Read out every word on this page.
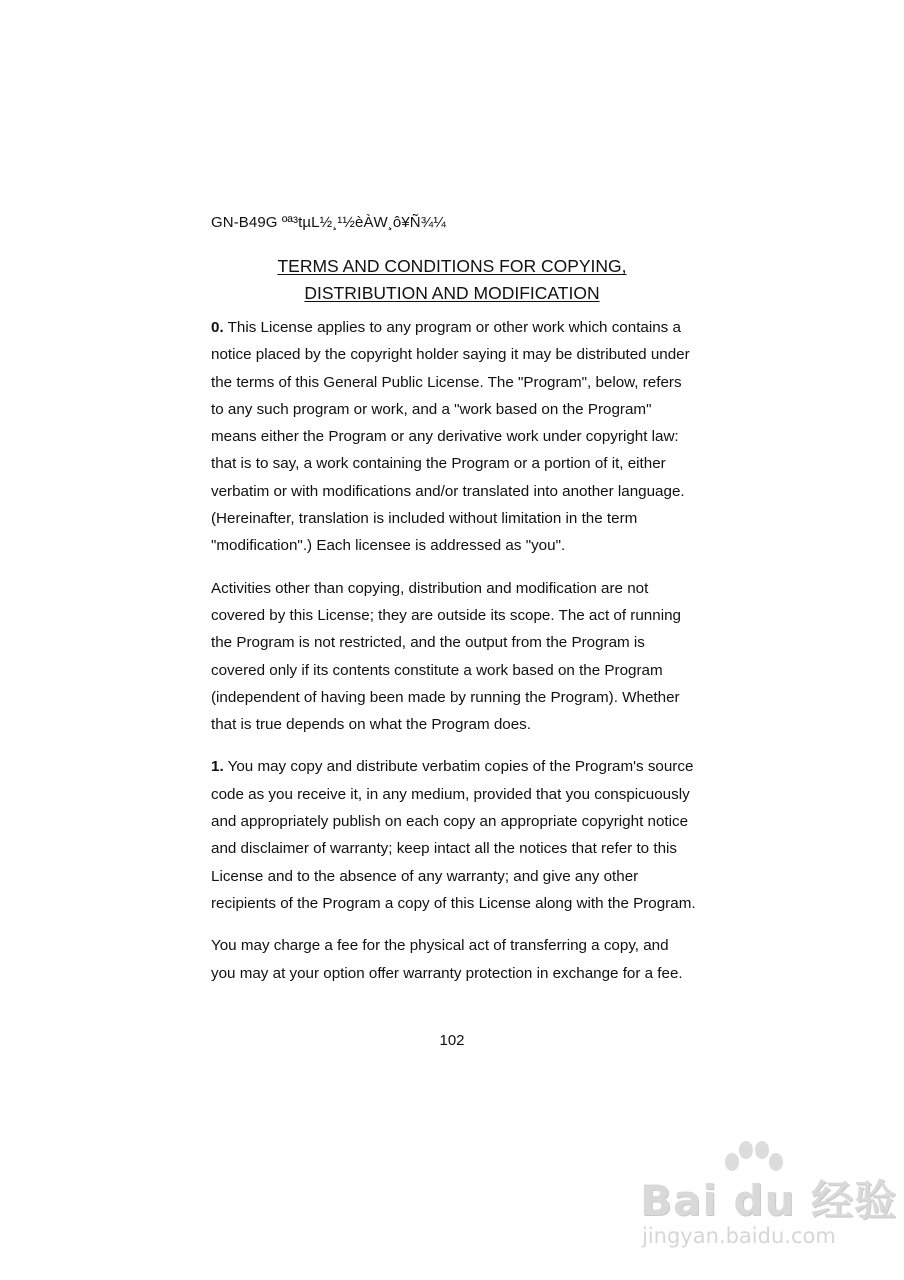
GN-B49G ºª³tµL½¸¹½èÀW¸ô¥Ñ¾¼
TERMS AND CONDITIONS FOR COPYING,
DISTRIBUTION AND MODIFICATION

0. This License applies to any program or other work which contains a notice placed by the copyright holder saying it may be distributed under the terms of this General Public License. The "Program", below, refers to any such program or work, and a "work based on the Program" means either the Program or any derivative work under copyright law: that is to say, a work containing the Program or a portion of it, either verbatim or with modifications and/or translated into another language. (Hereinafter, translation is included without limitation in the term "modification".) Each licensee is addressed as "you".

Activities other than copying, distribution and modification are not covered by this License; they are outside its scope. The act of running the Program is not restricted, and the output from the Program is covered only if its contents constitute a work based on the Program (independent of having been made by running the Program). Whether that is true depends on what the Program does.

1. You may copy and distribute verbatim copies of the Program's source code as you receive it, in any medium, provided that you conspicuously and appropriately publish on each copy an appropriate copyright notice and disclaimer of warranty; keep intact all the notices that refer to this License and to the absence of any warranty; and give any other recipients of the Program a copy of this License along with the Program.

You may charge a fee for the physical act of transferring a copy, and you may at your option offer warranty protection in exchange for a fee.

102
Bai du 经验
jingyan.baidu.com
